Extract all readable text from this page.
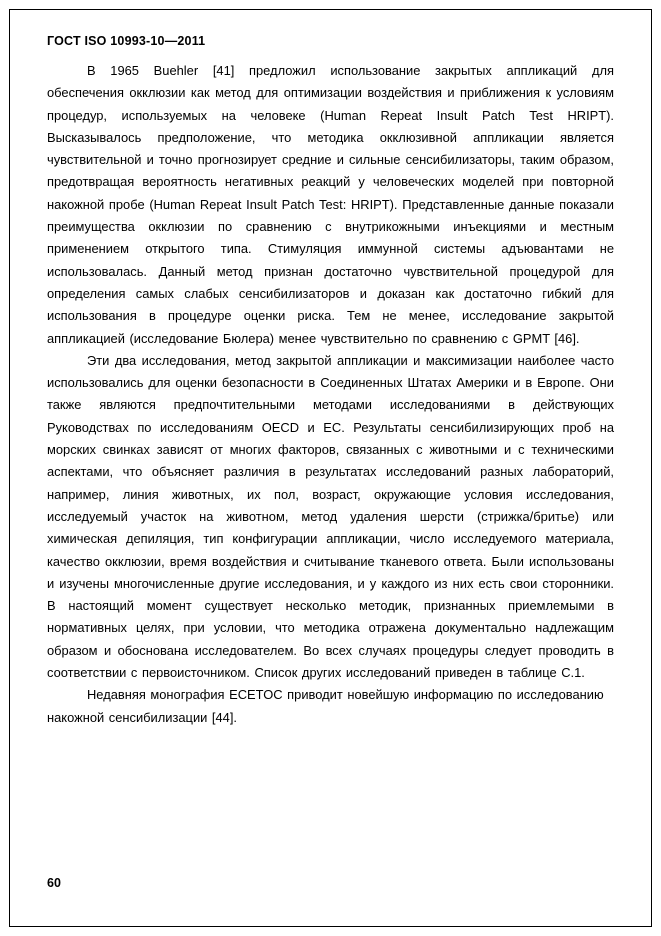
ГОСТ ISO 10993-10—2011

В 1965 Buehler [41] предложил использование закрытых аппликаций для обеспечения окклюзии как метод для оптимизации воздействия и приближения к условиям процедур, используемых на человеке (Human Repeat Insult Patch Test HRIPT). Высказывалось предположение, что методика окклюзивной аппликации является чувствительной и точно прогнозирует средние и сильные сенсибилизаторы, таким образом, предотвращая вероятность негативных реакций у человеческих моделей при повторной накожной пробе (Human Repeat Insult Patch Test: HRIPT). Представленные данные показали преимущества окклюзии по сравнению с внутрикожными инъекциями и местным применением открытого типа. Стимуляция иммунной системы адъювантами не использовалась. Данный метод признан достаточно чувствительной процедурой для определения самых слабых сенсибилизаторов и доказан как достаточно гибкий для использования в процедуре оценки риска. Тем не менее, исследование закрытой аппликацией (исследование Бюлера) менее чувствительно по сравнению с GPMT [46].

Эти два исследования, метод закрытой аппликации и максимизации наиболее часто использовались для оценки безопасности в Соединенных Штатах Америки и в Европе. Они также являются предпочтительными методами исследованиями в действующих Руководствах по исследованиям OECD и ЕС. Результаты сенсибилизирующих проб на морских свинках зависят от многих факторов, связанных с животными и с техническими аспектами, что объясняет различия в результатах исследований разных лабораторий, например, линия животных, их пол, возраст, окружающие условия исследования, исследуемый участок на животном, метод удаления шерсти (стрижка/бритье) или химическая депиляция, тип конфигурации аппликации, число исследуемого материала, качество окклюзии, время воздействия и считывание тканевого ответа. Были использованы и изучены многочисленные другие исследования, и у каждого из них есть свои сторонники. В настоящий момент существует несколько методик, признанных приемлемыми в нормативных целях, при условии, что методика отражена документально надлежащим образом и обоснована исследователем. Во всех случаях процедуры следует проводить в соответствии с первоисточником. Список других исследований приведен в таблице С.1.

Недавняя монография ECETOC приводит новейшую информацию по исследованию накожной сенсибилизации [44].

60
